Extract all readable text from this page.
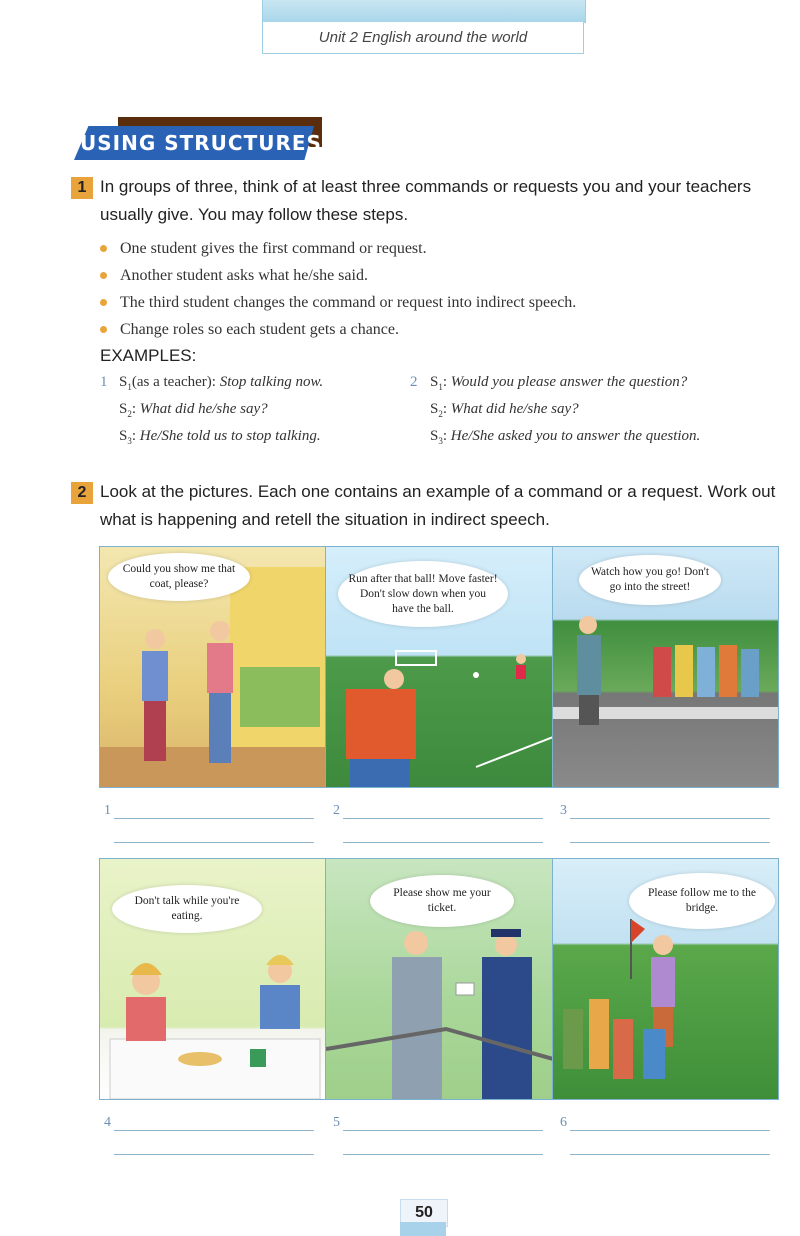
Unit 2 English around the world
USING STRUCTURES
1 In groups of three, think of at least three commands or requests you and your teachers usually give. You may follow these steps.
One student gives the first command or request.
Another student asks what he/she said.
The third student changes the command or request into indirect speech.
Change roles so each student gets a chance.
EXAMPLES:
1 $S_1(as$ a teacher): Stop talking now.
$S_2$: What did he/she say?
$S_3$: He/She told us to stop talking.
2 $S_1$: Would you please answer the question?
$S_2$: What did he/she say?
$S_3$: He/She asked you to answer the question.
2 Look at the pictures. Each one contains an example of a command or a request. Work out what is happening and retell the situation in indirect speech.
Could you show me that coat, please?	Run after that ball! Move faster! Don't slow down when you have the ball.
Watch how you go! Don't go into the street!
1	2	3
Don't talk while you're eating.
Please show me your ticket.
Please follow me to the bridge.
4	5	6
50
